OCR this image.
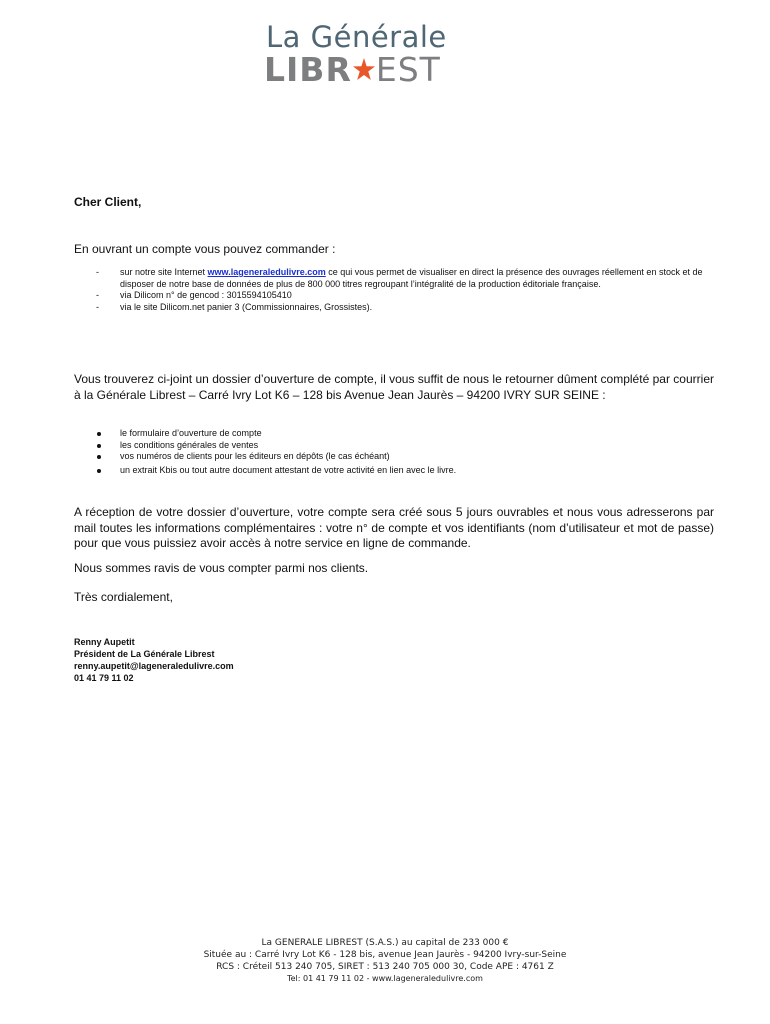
La Générale
LIBR EST
Cher Client,
En ouvrant un compte vous pouvez commander :
- sur notre site Internet www.lageneraledulivre.com ce qui vous permet de visualiser en direct la présence des ouvrages réellement en stock et de disposer de notre base de données de plus de 800 000 titres regroupant l’intégralité de la production éditoriale française.
- via Dilicom n° de gencod : 3015594105410
- via le site Dilicom.net panier 3 (Commissionnaires, Grossistes).
Vous trouverez ci-joint un dossier d’ouverture de compte, il vous suffit de nous le retourner dûment complété par courrier à la Générale Librest – Carré Ivry Lot K6 – 128 bis Avenue Jean Jaurès – 94200 IVRY SUR SEINE :
le formulaire d’ouverture de compte
les conditions générales de ventes
vos numéros de clients pour les éditeurs en dépôts (le cas échéant)
un extrait Kbis ou tout autre document attestant de votre activité en lien avec le livre.
A réception de votre dossier d’ouverture, votre compte sera créé sous 5 jours ouvrables et nous vous adresserons par mail toutes les informations complémentaires : votre n° de compte et vos identifiants (nom d’utilisateur et mot de passe) pour que vous puissiez avoir accès à notre service en ligne de commande.
Nous sommes ravis de vous compter parmi nos clients.
Très cordialement,
Renny Aupetit
Président de La Générale Librest
renny.aupetit@lageneraledulivre.com
01 41 79 11 02
La GENERALE LIBREST (S.A.S.) au capital de 233 000 €
Située au : Carré Ivry Lot K6 - 128 bis, avenue Jean Jaurès - 94200 Ivry-sur-Seine
RCS : Créteil 513 240 705, SIRET : 513 240 705 000 30, Code APE : 4761 Z
Tel: 01 41 79 11 02 - www.lageneraledulivre.com
